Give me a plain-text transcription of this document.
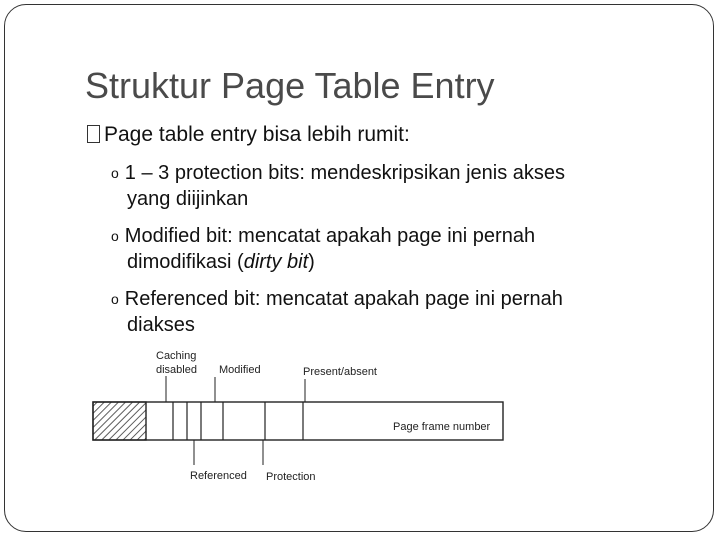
Struktur Page Table Entry
Page table entry bisa lebih rumit:
o 1 – 3 protection bits: mendeskripsikan jenis akses
yang diijinkan
o Modified bit: mencatat apakah page ini pernah
dimodifikasi (dirty bit)
o Referenced bit: mencatat apakah page ini pernah
diakses
Caching
disabled Modified	Present/absent
Page frame number
Referenced Protection
